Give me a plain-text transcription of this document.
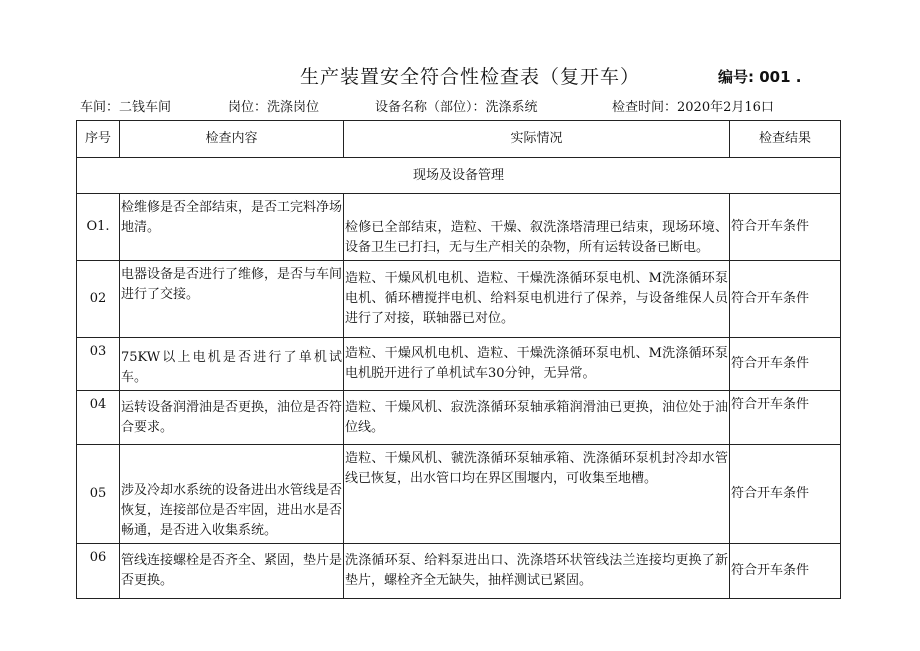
生产装置安全符合性检查表（复开车）	编号: 001 .
车间：二钱车间	岗位：洗涤岗位	设备名称（部位）：洗涤系统	检查时间：2020年2月16口
序号	检查内容	实际情况	检查结果
现场及设备管理			
O1.	检维修是否全部结束，是否工完料净场地清。	检修已全部结束，造粒、干燥、叙洗涤塔清理已结束，现场环境、设备卫生已打扫，无与生产相关的杂物，所有运转设备已断电。	符合开车条件
02	电器设备是否进行了维修，是否与车间进行了交接。	造粒、干燥风机电机、造粒、干燥洗涤循环泵电机、M洗涤循环泵电机、循环槽搅拌电机、给料泵电机进行了保养，与设备维保人员进行了对接，联轴器已对位。	符合开车条件
03	75KW以上电机是否进行了单机试车。	造粒、干燥风机电机、造粒、干燥洗涤循环泵电机、M洗涤循环泵电机脱开进行了单机试车30分钟，无异常。	符合开车条件
04	运转设备润滑油是否更换，油位是否符合要求。	造粒、干燥风机、寂洗涤循环泵轴承箱润滑油已更换，油位处于油位线。	符合开车条件
05	涉及冷却水系统的设备进出水管线是否恢复，连接部位是否牢固，进出水是否畅通，是否进入收集系统。	造粒、干燥风机、虢洗涤循环泵轴承箱、洗涤循环泵机封冷却水管线已恢复，出水管口均在界区围堰内，可收集至地槽。	符合开车条件
06	管线连接螺栓是否齐全、紧固，垫片是否更换。	洗涤循环泵、给料泵进出口、洗涤塔环状管线法兰连接均更换了新垫片，螺栓齐全无缺失，抽样测试已紧固。	符合开车条件
